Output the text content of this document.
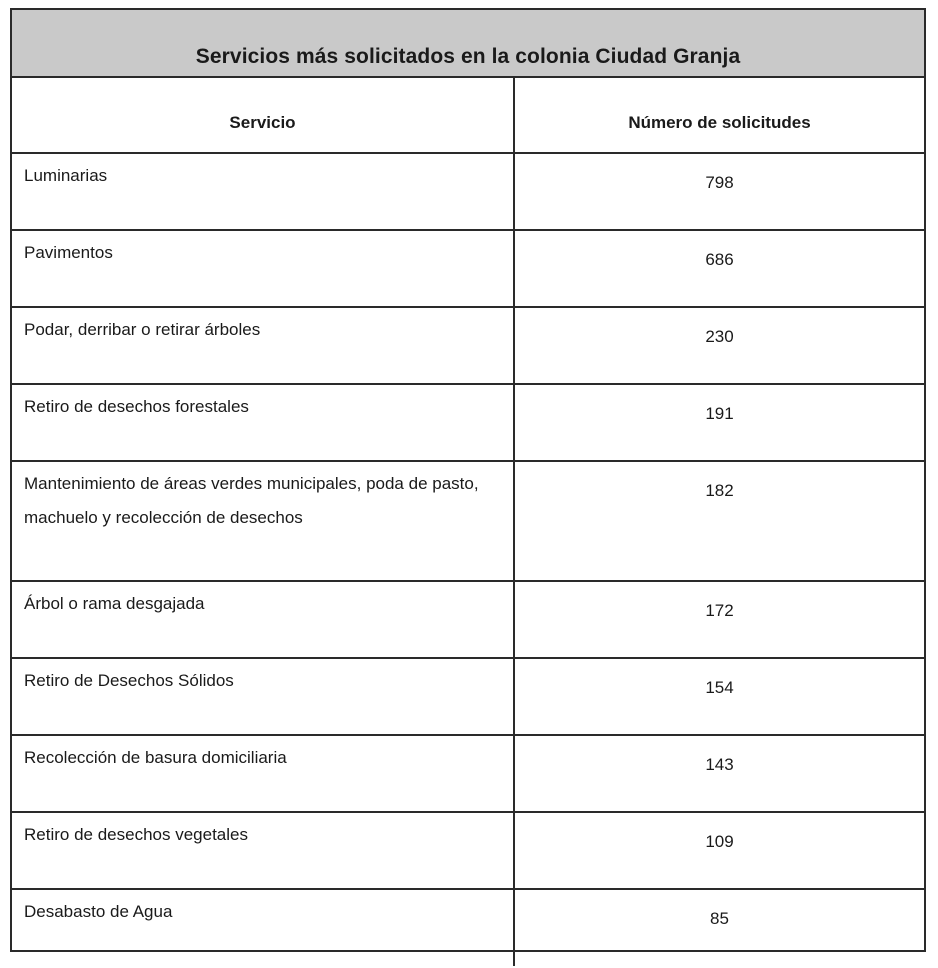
Servicios más solicitados en la colonia Ciudad Granja
Servicio	Número de solicitudes
Luminarias	798
Pavimentos	686
Podar, derribar o retirar árboles	230
Retiro de desechos forestales	191
Mantenimiento de áreas verdes municipales, poda de pasto, machuelo y recolección de desechos	182
Árbol o rama desgajada	172
Retiro de Desechos Sólidos	154
Recolección de basura domiciliaria	143
Retiro de desechos vegetales	109
Desabasto de Agua	85
